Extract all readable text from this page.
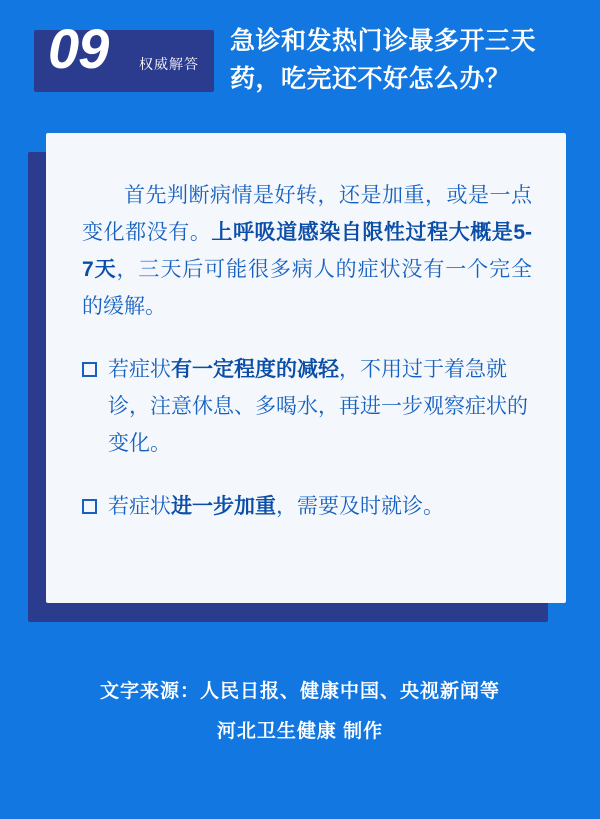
09 权威解答
急诊和发热门诊最多开三天药，吃完还不好怎么办？

首先判断病情是好转，还是加重，或是一点变化都没有。上呼吸道感染自限性过程大概是5-7天，三天后可能很多病人的症状没有一个完全的缓解。

若症状有一定程度的减轻，不用过于着急就诊，注意休息、多喝水，再进一步观察症状的变化。
若症状进一步加重，需要及时就诊。
文字来源：人民日报、健康中国、央视新闻等
河北卫生健康 制作
